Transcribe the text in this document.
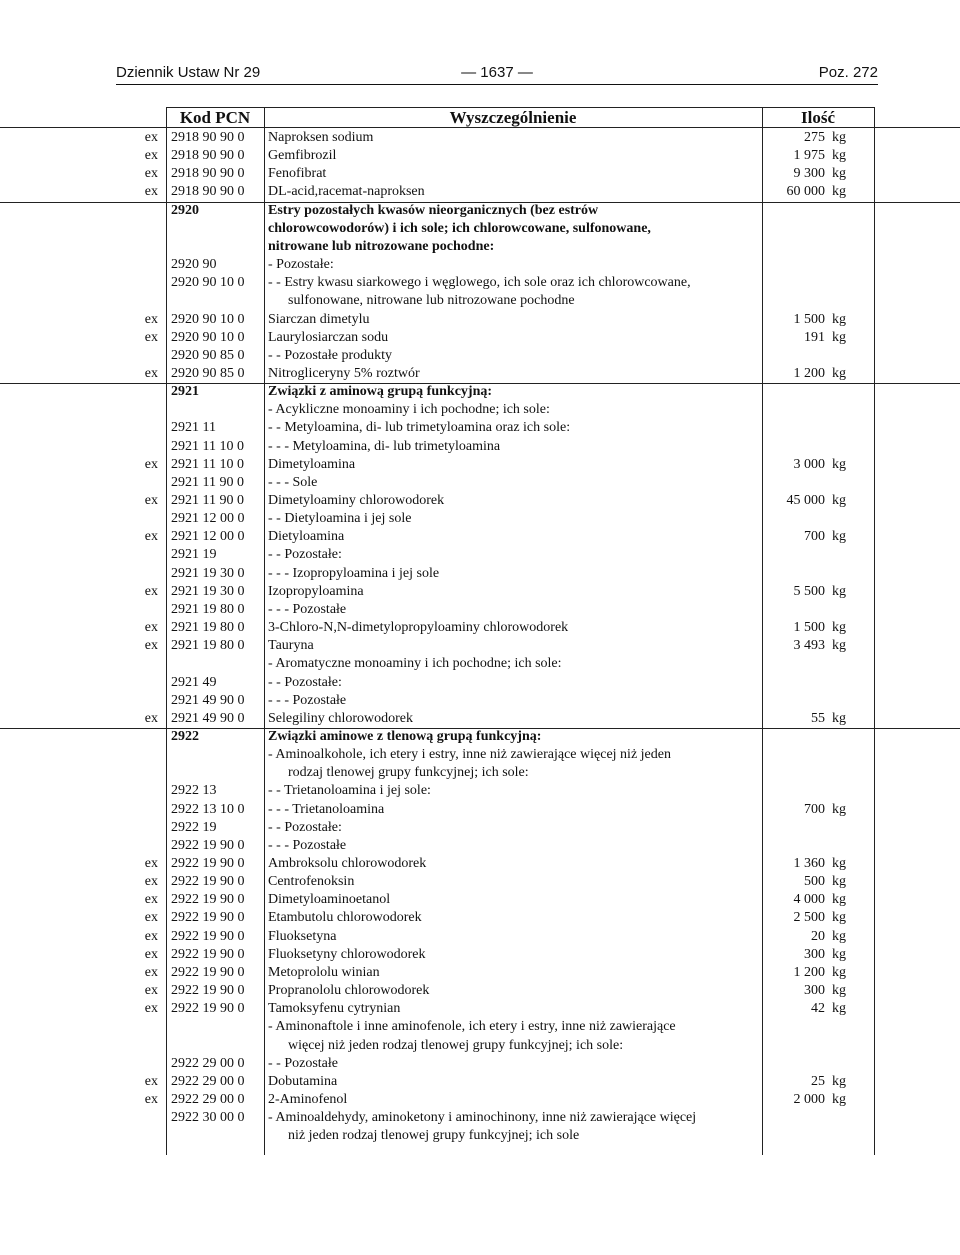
Dziennik Ustaw Nr 29	— 1637 —	Poz. 272
Kod PCN	Wyszczególnienie	Ilość
ex 2918 90 90 0	Naproksen sodium	275 kg
ex 2918 90 90 0	Gemfibrozil	1 975 kg
ex 2918 90 90 0	Fenofibrat	9 300 kg
ex 2918 90 90 0	DL-acid,racemat-naproksen	60 000 kg
2920	Estry pozostałych kwasów nieorganicznych (bez estrów
chlorowcowodorów) i ich sole; ich chlorowcowane, sulfonowane,
nitrowane lub nitrozowane pochodne:
2920 90	- Pozostałe:
2920 90 10 0	- - Estry kwasu siarkowego i węglowego, ich sole oraz ich chlorowcowane,
sulfonowane, nitrowane lub nitrozowane pochodne
ex 2920 90 10 0	Siarczan dimetylu	1 500 kg
ex 2920 90 10 0	Laurylosiarczan sodu	191 kg
2920 90 85 0	- - Pozostałe produkty
ex 2920 90 85 0	Nitrogliceryny 5% roztwór	1 200 kg
2921	Związki z aminową grupą funkcyjną:
- Acykliczne monoaminy i ich pochodne; ich sole:
2921 11	- - Metyloamina, di- lub trimetyloamina oraz ich sole:
2921 11 10 0	- - - Metyloamina, di- lub trimetyloamina
ex 2921 11 10 0	Dimetyloamina	3 000 kg
2921 11 90 0	- - - Sole
ex 2921 11 90 0	Dimetyloaminy chlorowodorek	45 000 kg
2921 12 00 0	- - Dietyloamina i jej sole
ex 2921 12 00 0	Dietyloamina	700 kg
2921 19	- - Pozostałe:
2921 19 30 0	- - - Izopropyloamina i jej sole
ex 2921 19 30 0	Izopropyloamina	5 500 kg
2921 19 80 0	- - - Pozostałe
ex 2921 19 80 0	3-Chloro-N,N-dimetylopropyloaminy chlorowodorek	1 500 kg
ex 2921 19 80 0	Tauryna	3 493 kg
- Aromatyczne monoaminy i ich pochodne; ich sole:
2921 49	- - Pozostałe:
2921 49 90 0	- - - Pozostałe
ex 2921 49 90 0	Selegiliny chlorowodorek	55 kg
2922	Związki aminowe z tlenową grupą funkcyjną:
- Aminoalkohole, ich etery i estry, inne niż zawierające więcej niż jeden
rodzaj tlenowej grupy funkcyjnej; ich sole:
2922 13	- - Trietanoloamina i jej sole:
2922 13 10 0	- - - Trietanoloamina	700 kg
2922 19	- - Pozostałe:
2922 19 90 0	- - - Pozostałe
ex 2922 19 90 0	Ambroksolu chlorowodorek	1 360 kg
ex 2922 19 90 0	Centrofenoksin	500 kg
ex 2922 19 90 0	Dimetyloaminoetanol	4 000 kg
ex 2922 19 90 0	Etambutolu chlorowodorek	2 500 kg
ex 2922 19 90 0	Fluoksetyna	20 kg
ex 2922 19 90 0	Fluoksetyny chlorowodorek	300 kg
ex 2922 19 90 0	Metoprololu winian	1 200 kg
ex 2922 19 90 0	Propranololu chlorowodorek	300 kg
ex 2922 19 90 0	Tamoksyfenu cytrynian	42 kg
- Aminonaftole i inne aminofenole, ich etery i estry, inne niż zawierające
więcej niż jeden rodzaj tlenowej grupy funkcyjnej; ich sole:
2922 29 00 0	- - Pozostałe
ex 2922 29 00 0	Dobutamina	25 kg
ex 2922 29 00 0	2-Aminofenol	2 000 kg
2922 30 00 0	- Aminoaldehydy, aminoketony i aminochinony, inne niż zawierające więcej
niż jeden rodzaj tlenowej grupy funkcyjnej; ich sole
